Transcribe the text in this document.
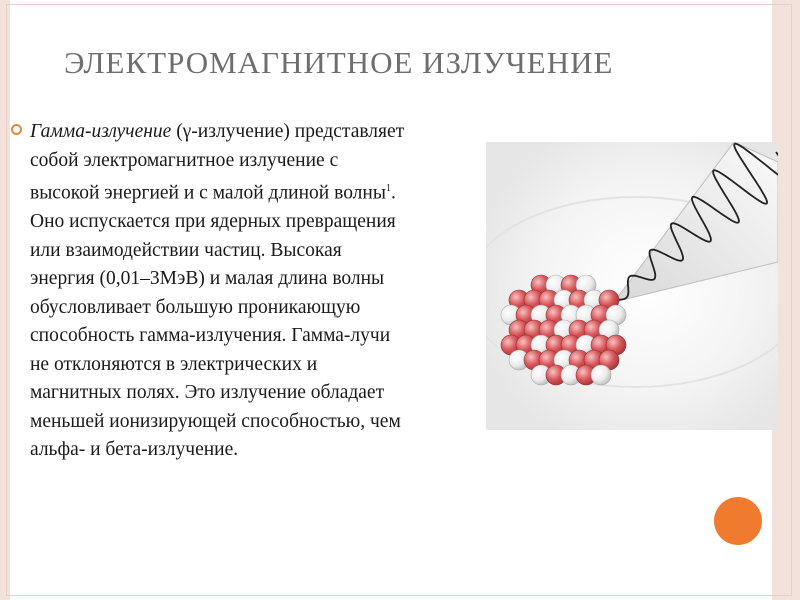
ЭЛЕКТРОМАГНИТНОЕ ИЗЛУЧЕНИЕ
Гамма-излучение (γ-излучение) представляет
собой электромагнитное излучение с
высокой энергией и с малой длиной волны$^1$.
Оно испускается при ядерных превращения
или взаимодействии частиц. Высокая
энергия (0,01–3МэВ) и малая длина волны
обусловливает большую проникающую
способность гамма-излучения. Гамма-лучи
не отклоняются в электрических и
магнитных полях. Это излучение обладает
меньшей ионизирующей способностью, чем
альфа- и бета-излучение.
